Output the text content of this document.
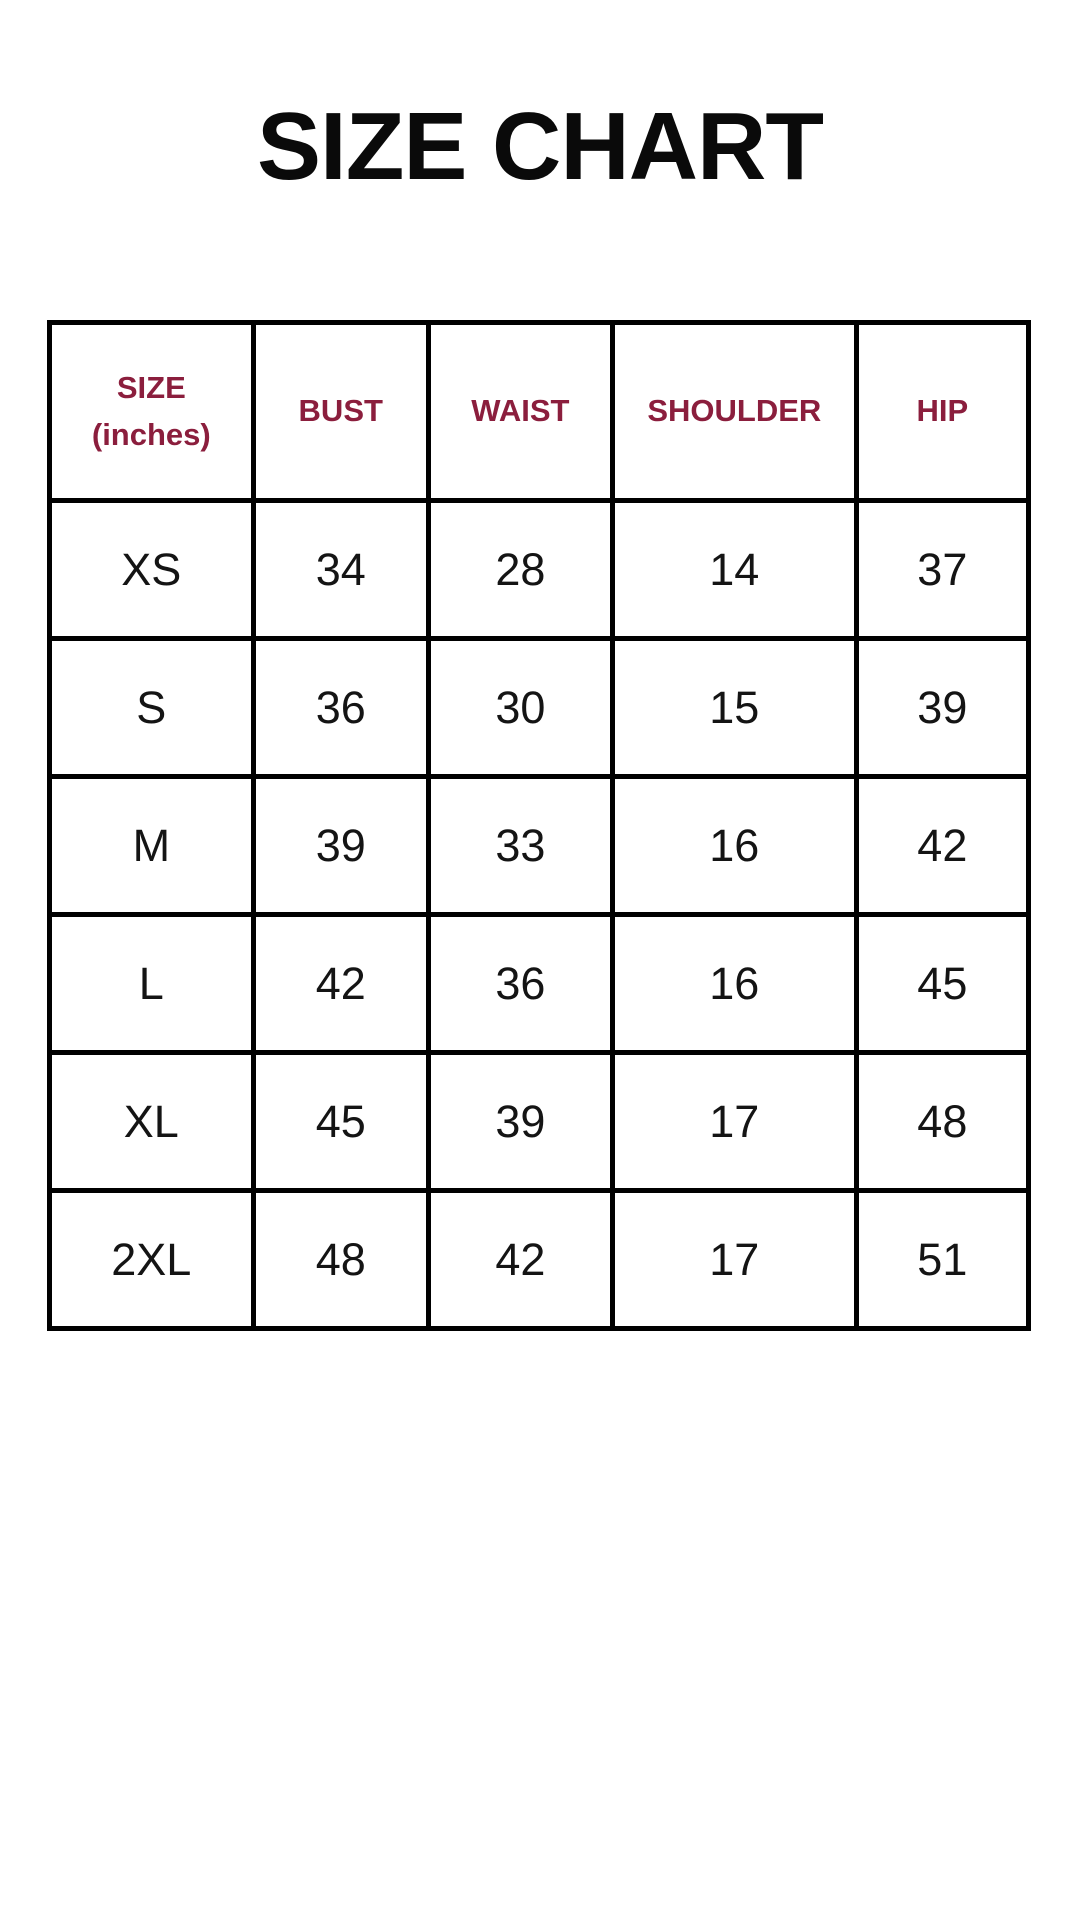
SIZE CHART
SIZE
(inches)	BUST	WAIST	SHOULDER	HIP
XS	34	28	14	37
S	36	30	15	39
M	39	33	16	42
L	42	36	16	45
XL	45	39	17	48
2XL	48	42	17	51
